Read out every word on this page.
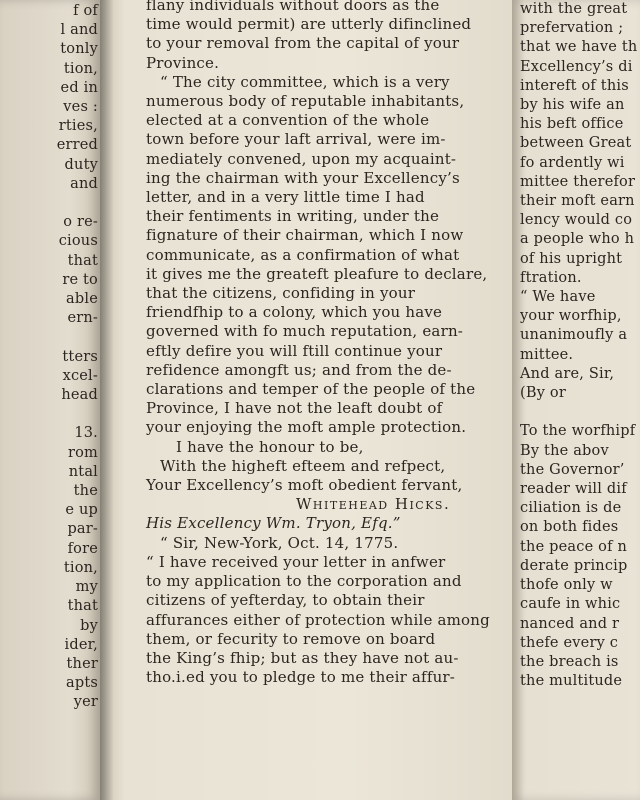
f of
l and
tonly
tion,
ed in
ves :
rties,
erred
duty
and

o re-
cious
that
re to
able
ern-

tters
xcel-
head

13.
rom
ntal
the
e up
par-
fore
tion,
my
that
by
ider,
ther
apts
yer
flany individuals without doors as the
time would permit) are utterly difinclined
to your removal from the capital of your
Province.
“ The city committee, which is a very
numerous body of reputable inhabitants,
elected at a convention of the whole
town before your laft arrival, were im-
mediately convened, upon my acquaint-
ing the chairman with your Excellency’s
letter, and in a very little time I had
their fentiments in writing, under the
fignature of their chairman, which I now
communicate, as a confirmation of what
it gives me the greateft pleafure to declare,
that the citizens, confiding in your
friendfhip to a colony, which you have
governed with fo much reputation, earn-
eftly defire you will ftill continue your
refidence amongft us; and from the de-
clarations and temper of the people of the
Province, I have not the leaft doubt of
your enjoying the moft ample protection.
I have the honour to be,
With the higheft efteem and refpect,
Your Excellency’s moft obedient fervant,
Whitehead Hicks.
His Excellency Wm. Tryon, Efq.”
“ Sir, New-York, Oct. 14, 1775.
“ I have received your letter in anfwer
to my application to the corporation and
citizens of yefterday, to obtain their
affurances either of protection while among
them, or fecurity to remove on board
the King’s fhip; but as they have not au-
tho.i.ed you to pledge to me their affur-
with the great
prefervation ;
that we have th
Excellency’s di
intereft of this
by his wife an
his beft office
between Great
fo ardently wi
mittee therefor
their moft earn
lency would co
a people who h
of his upright
ftration.
“ We have
your worfhip,
unanimoufly a
mittee.
And are, Sir,
(By or

To the worfhipf
By the abov
the Governor’
reader will dif
ciliation is de
on both fides
the peace of n
derate princip
thofe only w
caufe in whic
nanced and r
thefe every c
the breach is
the multitude
